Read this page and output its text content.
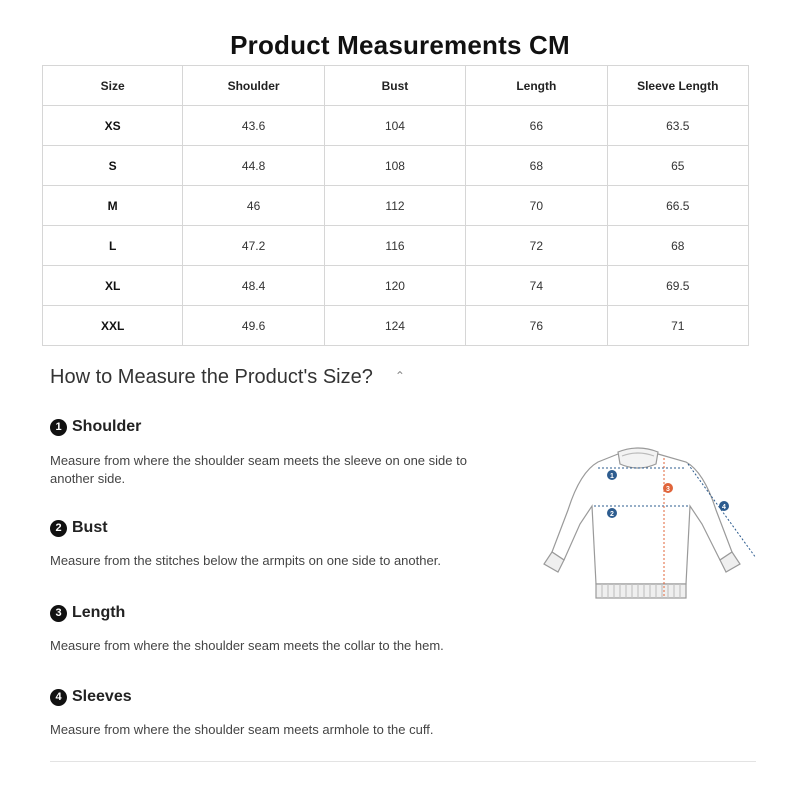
Product Measurements CM
Size	Shoulder	Bust	Length	Sleeve Length
XS	43.6	104	66	63.5
S	44.8	108	68	65
M	46	112	70	66.5
L	47.2	116	72	68
XL	48.4	120	74	69.5
XXL	49.6	124	76	71
How to Measure the Product's Size? ⌃
1 Shoulder
Measure from where the shoulder seam meets the sleeve on one side to another side.
2 Bust
Measure from the stitches below the armpits on one side to another.
3 Length
Measure from where the shoulder seam meets the collar to the hem.
4 Sleeves
Measure from where the shoulder seam meets armhole to the cuff.
1
2
3
4
